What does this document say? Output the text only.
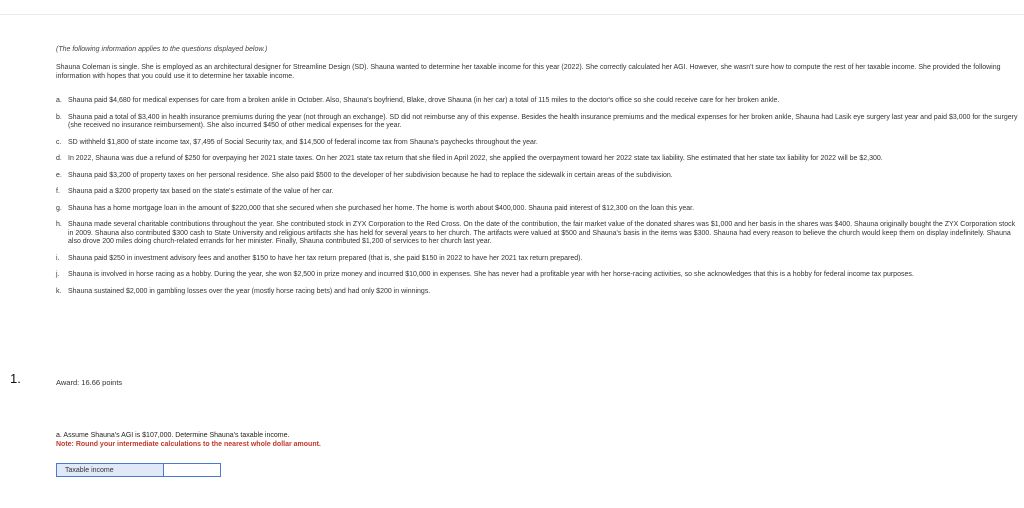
(The following information applies to the questions displayed below.)
Shauna Coleman is single. She is employed as an architectural designer for Streamline Design (SD). Shauna wanted to determine her taxable income for this year (2022). She correctly calculated her AGI. However, she wasn't sure how to compute the rest of her taxable income. She provided the following information with hopes that you could use it to determine her taxable income.
a. Shauna paid $4,680 for medical expenses for care from a broken ankle in October. Also, Shauna's boyfriend, Blake, drove Shauna (in her car) a total of 115 miles to the doctor's office so she could receive care for her broken ankle.
b. Shauna paid a total of $3,400 in health insurance premiums during the year (not through an exchange). SD did not reimburse any of this expense. Besides the health insurance premiums and the medical expenses for her broken ankle, Shauna had Lasik eye surgery last year and paid $3,000 for the surgery (she received no insurance reimbursement). She also incurred $450 of other medical expenses for the year.
c. SD withheld $1,800 of state income tax, $7,495 of Social Security tax, and $14,500 of federal income tax from Shauna's paychecks throughout the year.
d. In 2022, Shauna was due a refund of $250 for overpaying her 2021 state taxes. On her 2021 state tax return that she filed in April 2022, she applied the overpayment toward her 2022 state tax liability. She estimated that her state tax liability for 2022 will be $2,300.
e. Shauna paid $3,200 of property taxes on her personal residence. She also paid $500 to the developer of her subdivision because he had to replace the sidewalk in certain areas of the subdivision.
f.	Shauna paid a $200 property tax based on the state's estimate of the value of her car.
g. Shauna has a home mortgage loan in the amount of $220,000 that she secured when she purchased her home. The home is worth about $400,000. Shauna paid interest of $12,300 on the loan this year.
h. Shauna made several charitable contributions throughout the year. She contributed stock in ZYX Corporation to the Red Cross. On the date of the contribution, the fair market value of the donated shares was $1,000 and her basis in the shares was $400. Shauna originally bought the ZYX Corporation stock in 2009. Shauna also contributed $300 cash to State University and religious artifacts she has held for several years to her church. The artifacts were valued at $500 and Shauna's basis in the items was $300. Shauna had every reason to believe the church would keep them on display indefinitely. Shauna also drove 200 miles doing church-related errands for her minister. Finally, Shauna contributed $1,200 of services to her church last year.
i.	Shauna paid $250 in investment advisory fees and another $150 to have her tax return prepared (that is, she paid $150 in 2022 to have her 2021 tax return prepared).
j.	Shauna is involved in horse racing as a hobby. During the year, she won $2,500 in prize money and incurred $10,000 in expenses. She has never had a profitable year with her horse-racing activities, so she acknowledges that this is a hobby for federal income tax purposes.
k. Shauna sustained $2,000 in gambling losses over the year (mostly horse racing bets) and had only $200 in winnings.
1.	Award: 16.66 points
a. Assume Shauna's AGI is $107,000. Determine Shauna's taxable income.
Note: Round your intermediate calculations to the nearest whole dollar amount.
Taxable income
